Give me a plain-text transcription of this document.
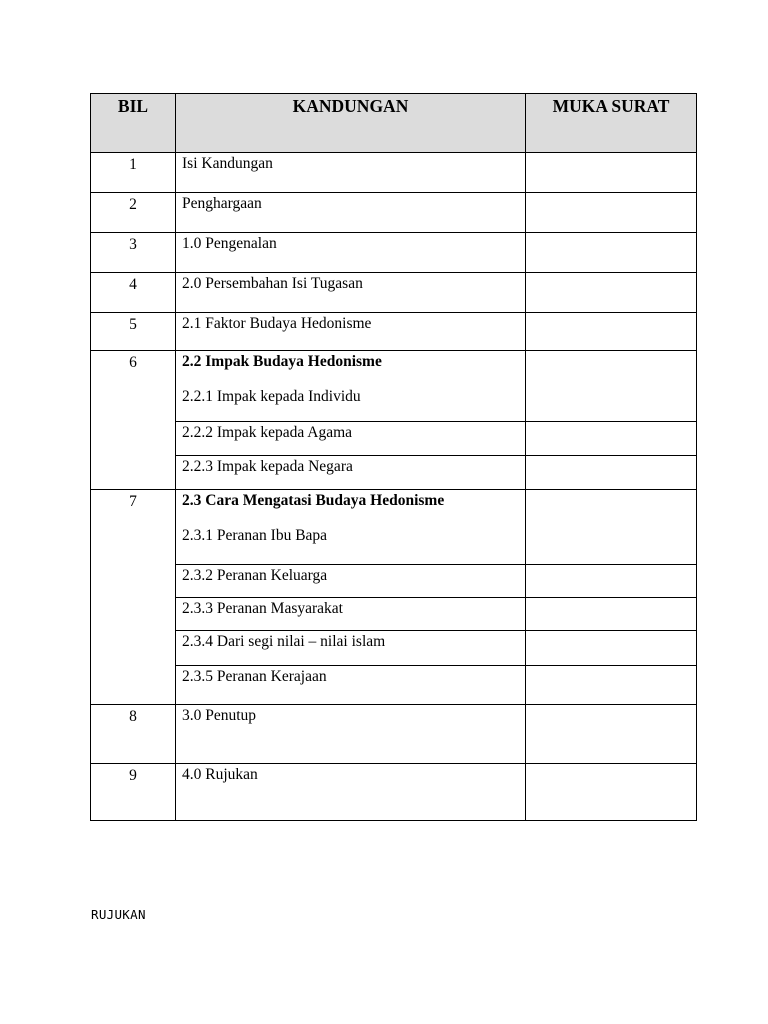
BIL	KANDUNGAN	MUKA SURAT
1	Isi Kandungan	
2	Penghargaan	
3	1.0 Pengenalan	
4	2.0 Persembahan Isi Tugasan	
5	2.1 Faktor Budaya Hedonisme	
6	2.2 Impak Budaya Hedonisme
2.2.1 Impak kepada Individu	

	2.2.2 Impak kepada Agama	
	2.2.3 Impak kepada Negara	
7	2.3 Cara Mengatasi Budaya Hedonisme
2.3.1 Peranan Ibu Bapa	

	2.3.2 Peranan Keluarga	
	2.3.3 Peranan Masyarakat	
	2.3.4 Dari segi nilai – nilai islam	
	2.3.5 Peranan Kerajaan	
8	3.0 Penutup	
9	4.0 Rujukan	
RUJUKAN
